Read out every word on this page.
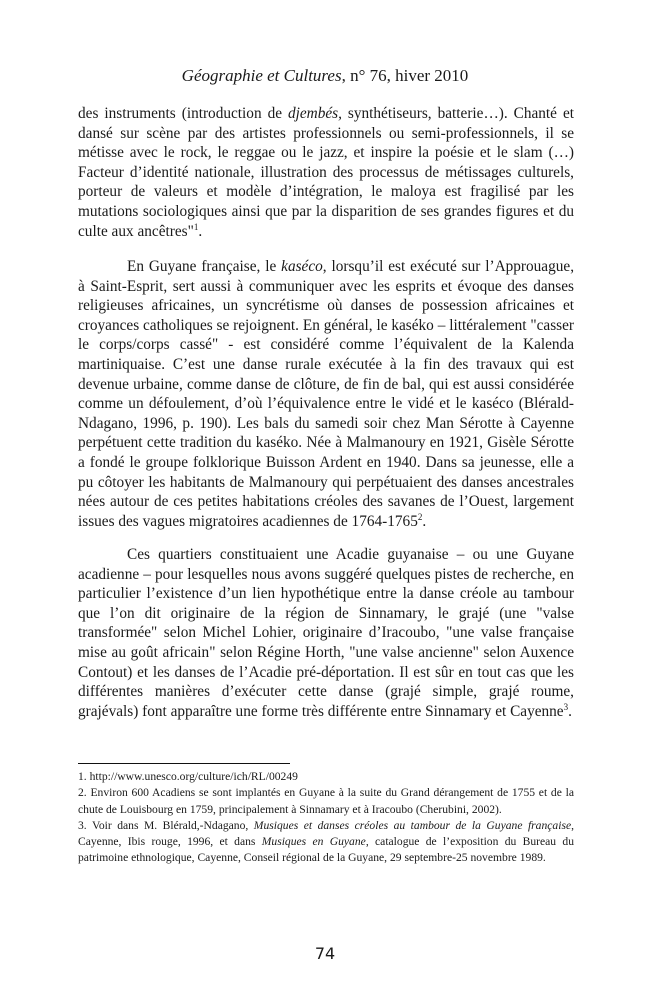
Géographie et Cultures, n° 76, hiver 2010

des instruments (introduction de djembés, synthétiseurs, batterie…). Chanté et dansé sur scène par des artistes professionnels ou semi-professionnels, il se métisse avec le rock, le reggae ou le jazz, et inspire la poésie et le slam (…) Facteur d’identité nationale, illustration des processus de métissages culturels, porteur de valeurs et modèle d’intégration, le maloya est fragilisé par les mutations sociologiques ainsi que par la disparition de ses grandes figures et du culte aux ancêtres"$^1$.

En Guyane française, le kaséco, lorsqu’il est exécuté sur l’Approuague, à Saint-Esprit, sert aussi à communiquer avec les esprits et évoque des danses religieuses africaines, un syncrétisme où danses de possession africaines et croyances catholiques se rejoignent. En général, le kaséko – littéralement "casser le corps/corps cassé" - est considéré comme l’équivalent de la Kalenda martiniquaise. C’est une danse rurale exécutée à la fin des travaux qui est devenue urbaine, comme danse de clôture, de fin de bal, qui est aussi considérée comme un défoulement, d’où l’équivalence entre le vidé et le kaséco (Blérald-Ndagano, 1996, p. 190). Les bals du samedi soir chez Man Sérotte à Cayenne perpétuent cette tradition du kaséko. Née à Malmanoury en 1921, Gisèle Sérotte a fondé le groupe folklorique Buisson Ardent en 1940. Dans sa jeunesse, elle a pu côtoyer les habitants de Malmanoury qui perpétuaient des danses ancestrales nées autour de ces petites habitations créoles des savanes de l’Ouest, largement issues des vagues migratoires acadiennes de 1764-1765$^2$.

Ces quartiers constituaient une Acadie guyanaise – ou une Guyane acadienne – pour lesquelles nous avons suggéré quelques pistes de recherche, en particulier l’existence d’un lien hypothétique entre la danse créole au tambour que l’on dit originaire de la région de Sinnamary, le grajé (une "valse transformée" selon Michel Lohier, originaire d’Iracoubo, "une valse française mise au goût africain" selon Régine Horth, "une valse ancienne" selon Auxence Contout) et les danses de l’Acadie pré-déportation. Il est sûr en tout cas que les différentes manières d’exécuter cette danse (grajé simple, grajé roume, grajévals) font apparaître une forme très différente entre Sinnamary et Cayenne$^3$.

1. http://www.unesco.org/culture/ich/RL/00249

2. Environ 600 Acadiens se sont implantés en Guyane à la suite du Grand dérangement de 1755 et de la chute de Louisbourg en 1759, principalement à Sinnamary et à Iracoubo (Cherubini, 2002).

3. Voir dans M. Blérald,-Ndagano, Musiques et danses créoles au tambour de la Guyane française, Cayenne, Ibis rouge, 1996, et dans Musiques en Guyane, catalogue de l’exposition du Bureau du patrimoine ethnologique, Cayenne, Conseil régional de la Guyane, 29 septembre-25 novembre 1989.

74
